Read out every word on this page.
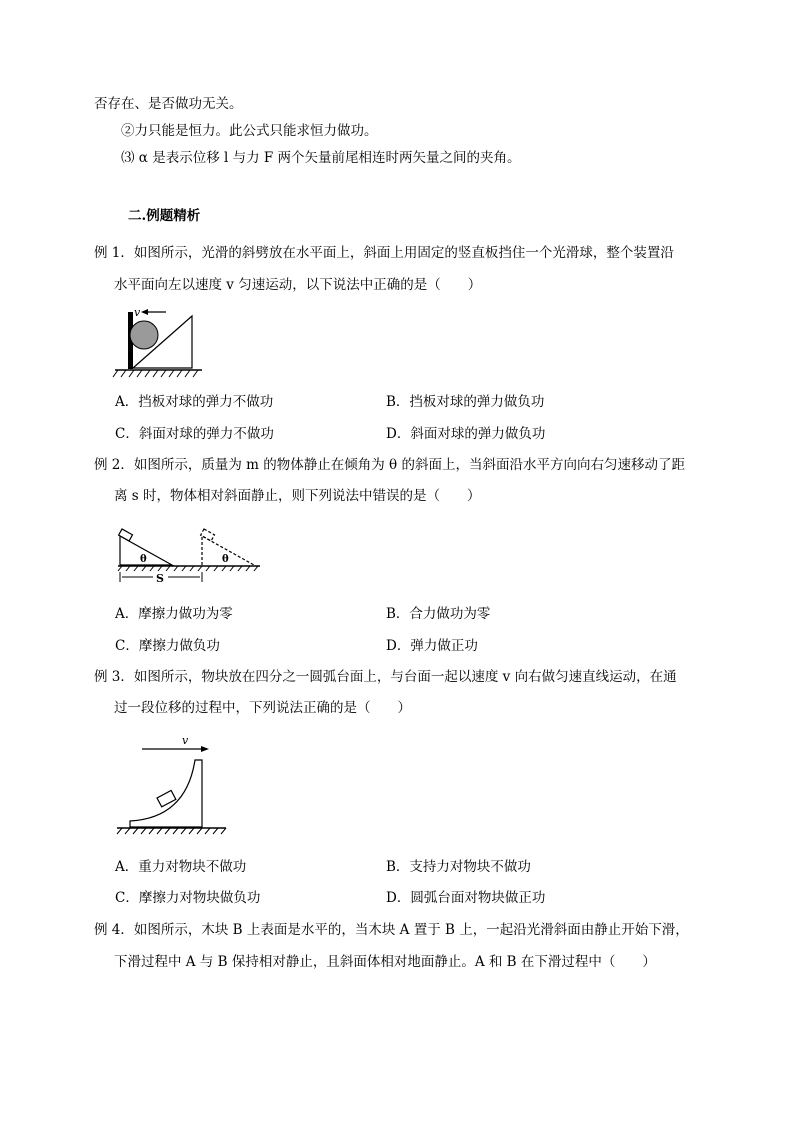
否存在、是否做功无关。
②力只能是恒力。此公式只能求恒力做功。
⑶ α 是表示位移 l 与力 F 两个矢量前尾相连时两矢量之间的夹角。
二.例题精析
例 1．如图所示，光滑的斜劈放在水平面上，斜面上用固定的竖直板挡住一个光滑球，整个装置沿
水平面向左以速度 v 匀速运动，以下说法中正确的是（　　）
v
A．挡板对球的弹力不做功	B．挡板对球的弹力做负功
C．斜面对球的弹力不做功	D．斜面对球的弹力做负功
例 2．如图所示，质量为 m 的物体静止在倾角为 θ 的斜面上，当斜面沿水平方向向右匀速移动了距
离 s 时，物体相对斜面静止，则下列说法中错误的是（　　）
θ	θ
S
A．摩擦力做功为零	B．合力做功为零
C．摩擦力做负功	D．弹力做正功
例 3．如图所示，物块放在四分之一圆弧台面上，与台面一起以速度 v 向右做匀速直线运动，在通
过一段位移的过程中，下列说法正确的是（　　）
v
A．重力对物块不做功	B．支持力对物块不做功
C．摩擦力对物块做负功	D．圆弧台面对物块做正功
例 4．如图所示，木块 B 上表面是水平的，当木块 A 置于 B 上，一起沿光滑斜面由静止开始下滑，
下滑过程中 A 与 B 保持相对静止，且斜面体相对地面静止。A 和 B 在下滑过程中（　　）
